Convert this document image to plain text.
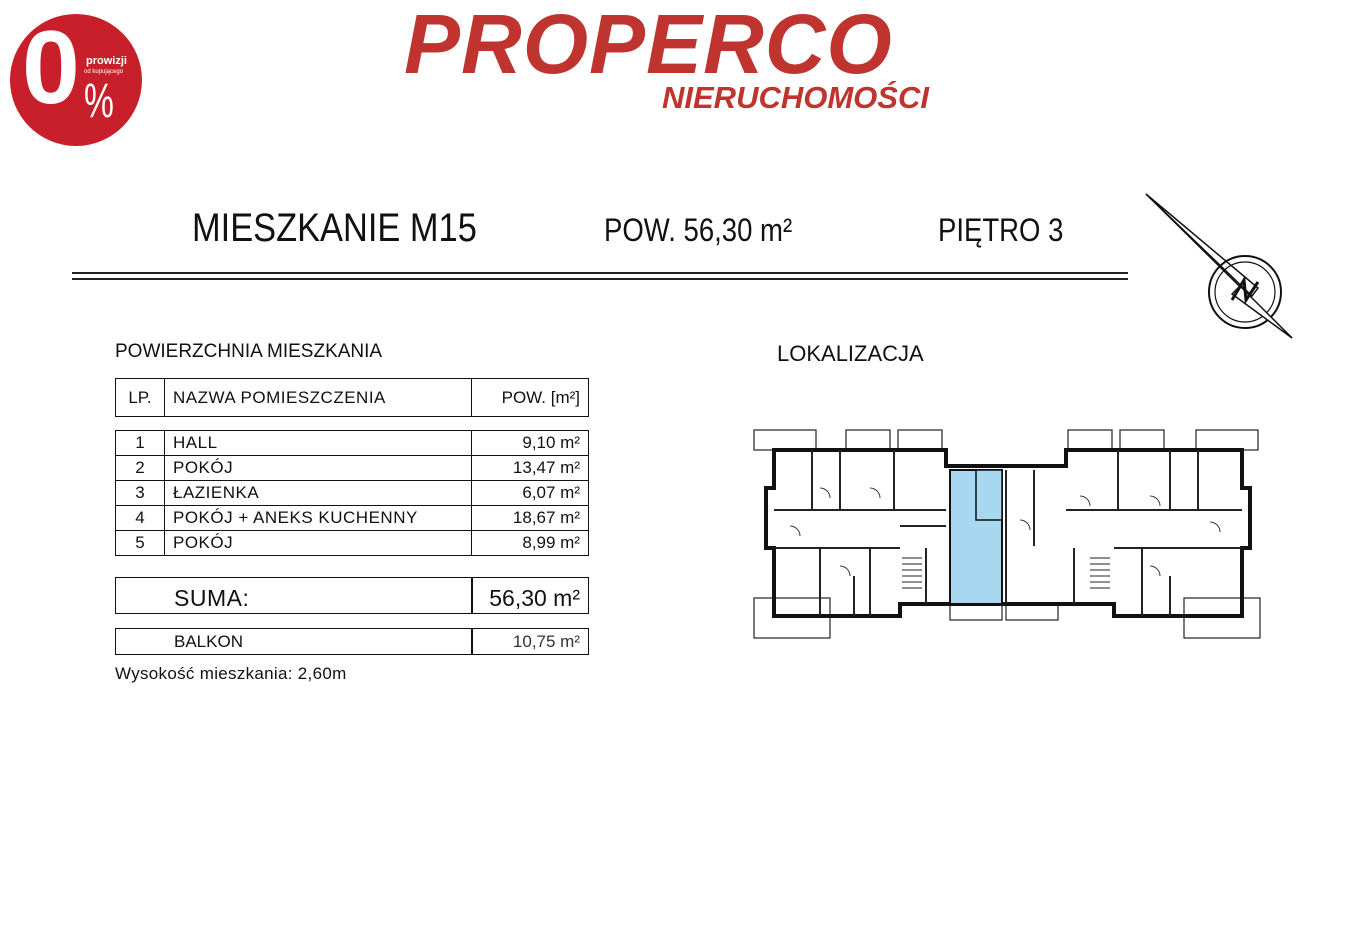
0 prowizji
od kupującego
%
PROPERCO
NIERUCHOMOŚCI
MIESZKANIE M15	POW. 56,30 m²	PIĘTRO 3
POWIERZCHNIA MIESZKANIA
LP.	NAZWA POMIESZCZENIA	POW. [m²]
1	HALL	9,10 m²
2	POKÓJ	13,47 m²
3	ŁAZIENKA	6,07 m²
4	POKÓJ + ANEKS KUCHENNY	18,67 m²
5	POKÓJ	8,99 m²
SUMA:	56,30 m²
BALKON	10,75 m²
Wysokość mieszkania: 2,60m
LOKALIZACJA
